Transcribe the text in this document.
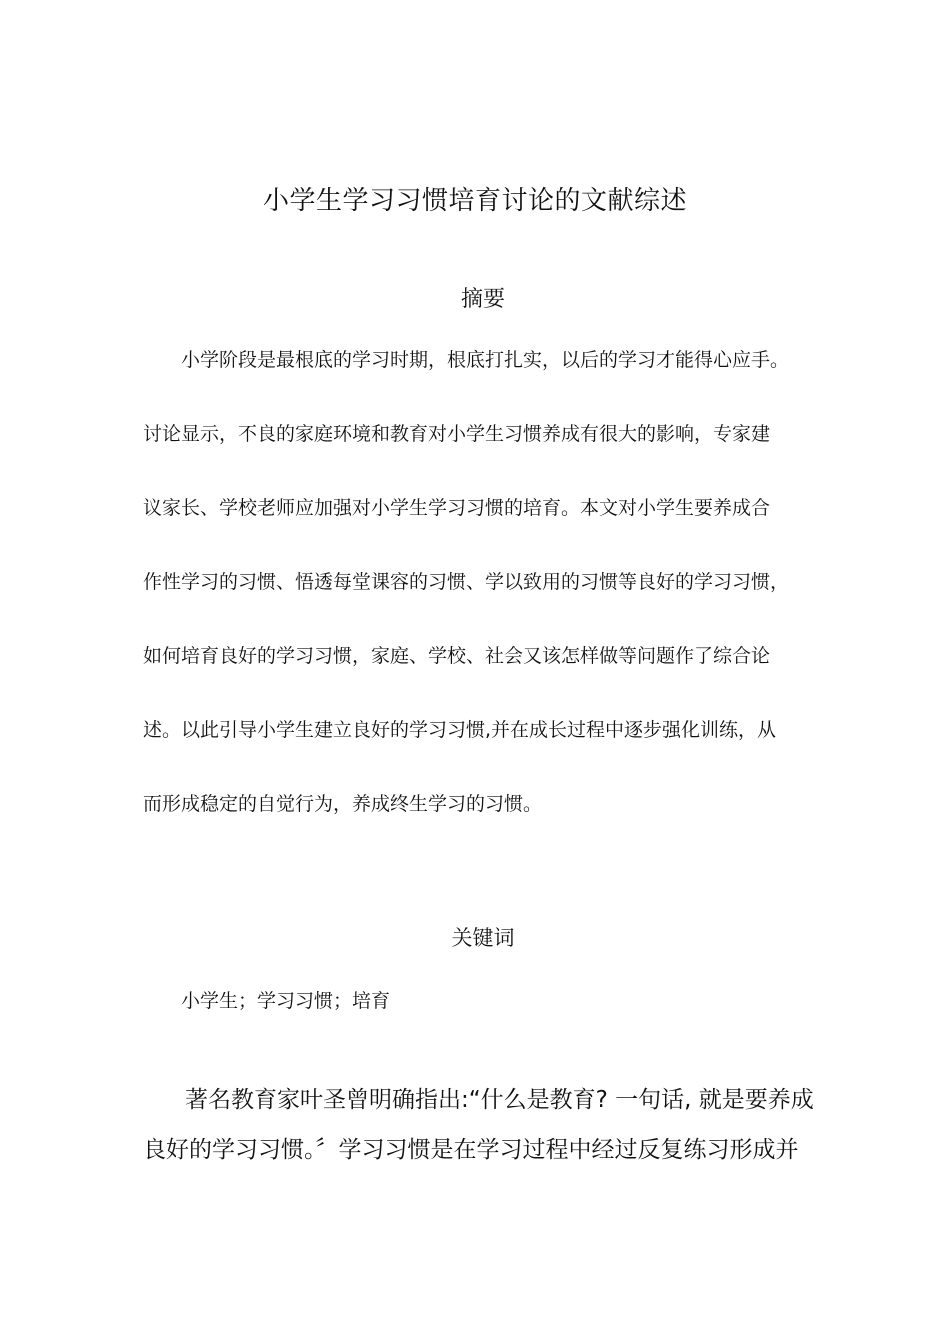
小学生学习习惯培育讨论的文献综述
摘要
小学阶段是最根底的学习时期，根底打扎实，以后的学习才能得心应手。
讨论显示，不良的家庭环境和教育对小学生习惯养成有很大的影响，专家建
议家长、学校老师应加强对小学生学习习惯的培育。本文对小学生要养成合
作性学习的习惯、悟透每堂课容的习惯、学以致用的习惯等良好的学习习惯，
如何培育良好的学习习惯，家庭、学校、社会又该怎样做等问题作了综合论
述。以此引导小学生建立良好的学习习惯,并在成长过程中逐步强化训练，从
而形成稳定的自觉行为，养成终生学习的习惯。
关键词

小学生；学习习惯；培育

著名教育家叶圣曾明确指出:“什么是教育? 一句话, 就是要养成
良好的学习习惯。〞学习习惯是在学习过程中经过反复练习形成并
